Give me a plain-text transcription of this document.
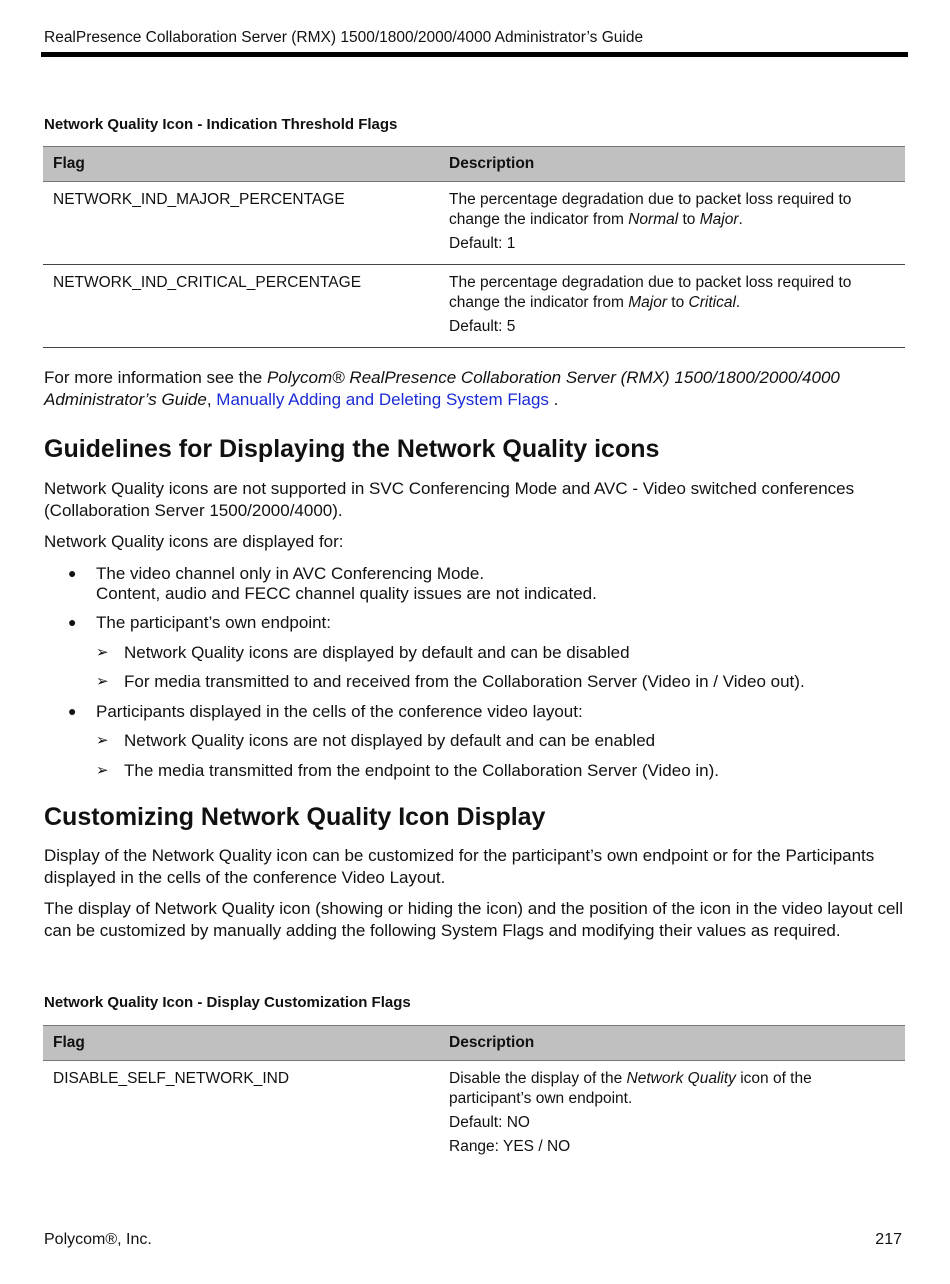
RealPresence Collaboration Server (RMX) 1500/1800/2000/4000 Administrator’s Guide
Network Quality Icon - Indication Threshold Flags
Flag	Description
NETWORK_IND_MAJOR_PERCENTAGE	The percentage degradation due to packet loss required to change the indicator from Normal to Major.

Default: 1

NETWORK_IND_CRITICAL_PERCENTAGE	The percentage degradation due to packet loss required to change the indicator from Major to Critical.

Default: 5

For more information see the Polycom® RealPresence Collaboration Server (RMX) 1500/1800/2000/4000 Administrator’s Guide, Manually Adding and Deleting System Flags .

Guidelines for Displaying the Network Quality icons

Network Quality icons are not supported in SVC Conferencing Mode and AVC - Video switched conferences (Collaboration Server 1500/2000/4000).

Network Quality icons are displayed for:

● The video channel only in AVC Conferencing Mode.
Content, audio and FECC channel quality issues are not indicated.
● The participant’s own endpoint:
➢ Network Quality icons are displayed by default and can be disabled
➢ For media transmitted to and received from the Collaboration Server (Video in / Video out).
● Participants displayed in the cells of the conference video layout:
➢ Network Quality icons are not displayed by default and can be enabled
➢ The media transmitted from the endpoint to the Collaboration Server (Video in).
Customizing Network Quality Icon Display

Display of the Network Quality icon can be customized for the participant’s own endpoint or for the Participants displayed in the cells of the conference Video Layout.

The display of Network Quality icon (showing or hiding the icon) and the position of the icon in the video layout cell can be customized by manually adding the following System Flags and modifying their values as required.

Network Quality Icon - Display Customization Flags
Flag	Description
DISABLE_SELF_NETWORK_IND	Disable the display of the Network Quality icon of the participant’s own endpoint.

Default: NO

Range: YES / NO

Polycom®, Inc.	217
